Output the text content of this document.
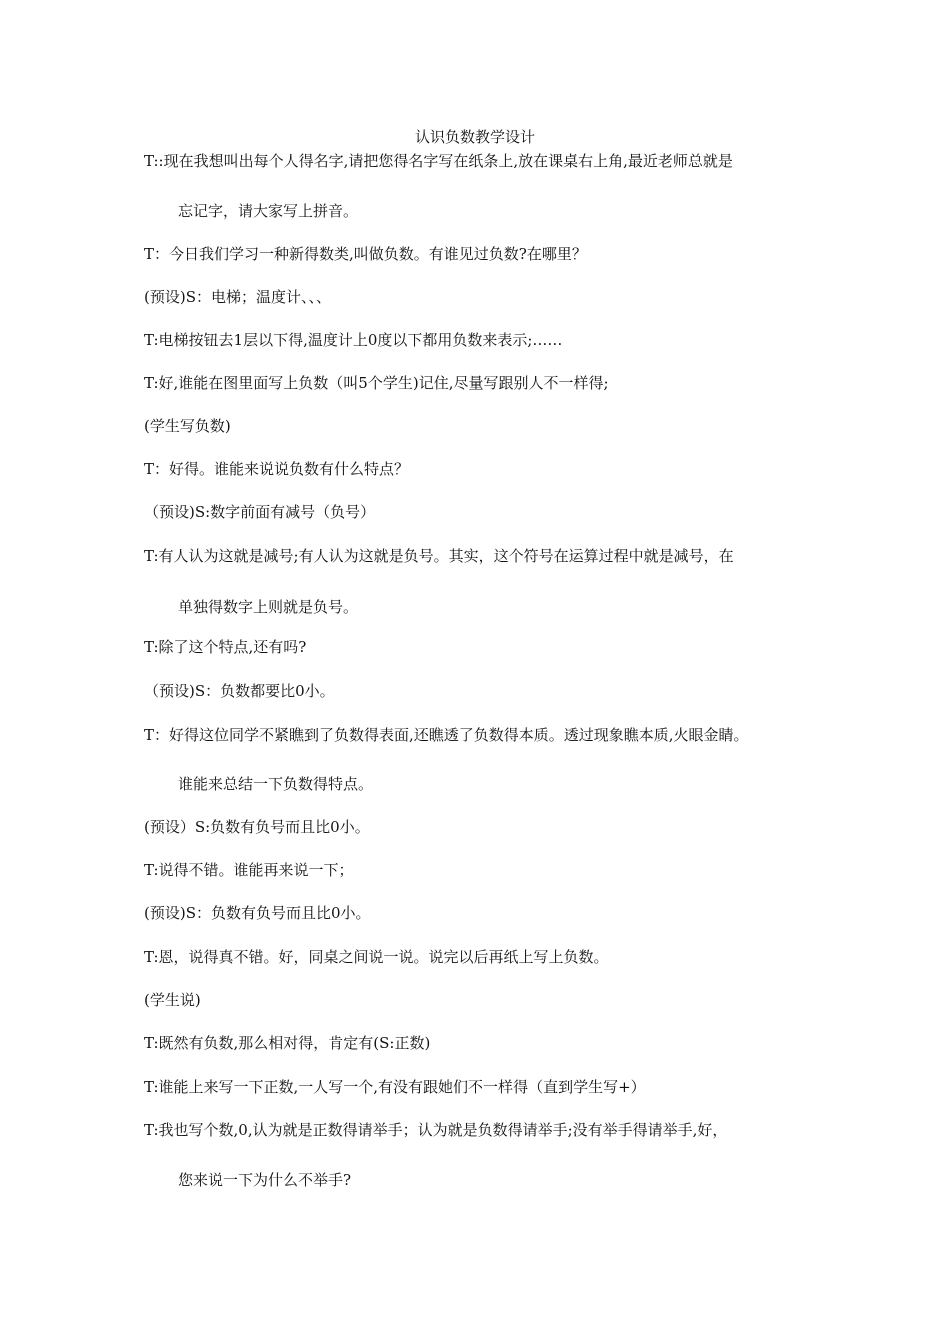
认识负数教学设计
T::现在我想叫出每个人得名字,请把您得名字写在纸条上,放在课桌右上角,最近老师总就是
忘记字，请大家写上拼音。
T：今日我们学习一种新得数类,叫做负数。有谁见过负数?在哪里？
(预设)S：电梯；温度计、、、
T:电梯按钮去1层以下得,温度计上0度以下都用负数来表示;……
T:好,谁能在图里面写上负数（叫5个学生)记住,尽量写跟别人不一样得;
(学生写负数)
T：好得。谁能来说说负数有什么特点？
（预设)S:数字前面有减号（负号）
T:有人认为这就是减号;有人认为这就是负号。其实，这个符号在运算过程中就是减号，在
单独得数字上则就是负号。
T:除了这个特点,还有吗?
（预设)S：负数都要比0小。
T：好得这位同学不紧瞧到了负数得表面,还瞧透了负数得本质。透过现象瞧本质,火眼金睛。
谁能来总结一下负数得特点。
(预设）S:负数有负号而且比0小。
T:说得不错。谁能再来说一下；
(预设)S：负数有负号而且比0小。
T:恩，说得真不错。好，同桌之间说一说。说完以后再纸上写上负数。
(学生说)
T:既然有负数,那么相对得，肯定有(S:正数)
T:谁能上来写一下正数,一人写一个,有没有跟她们不一样得（直到学生写+）
T:我也写个数,0,认为就是正数得请举手；认为就是负数得请举手;没有举手得请举手,好，
您来说一下为什么不举手?
